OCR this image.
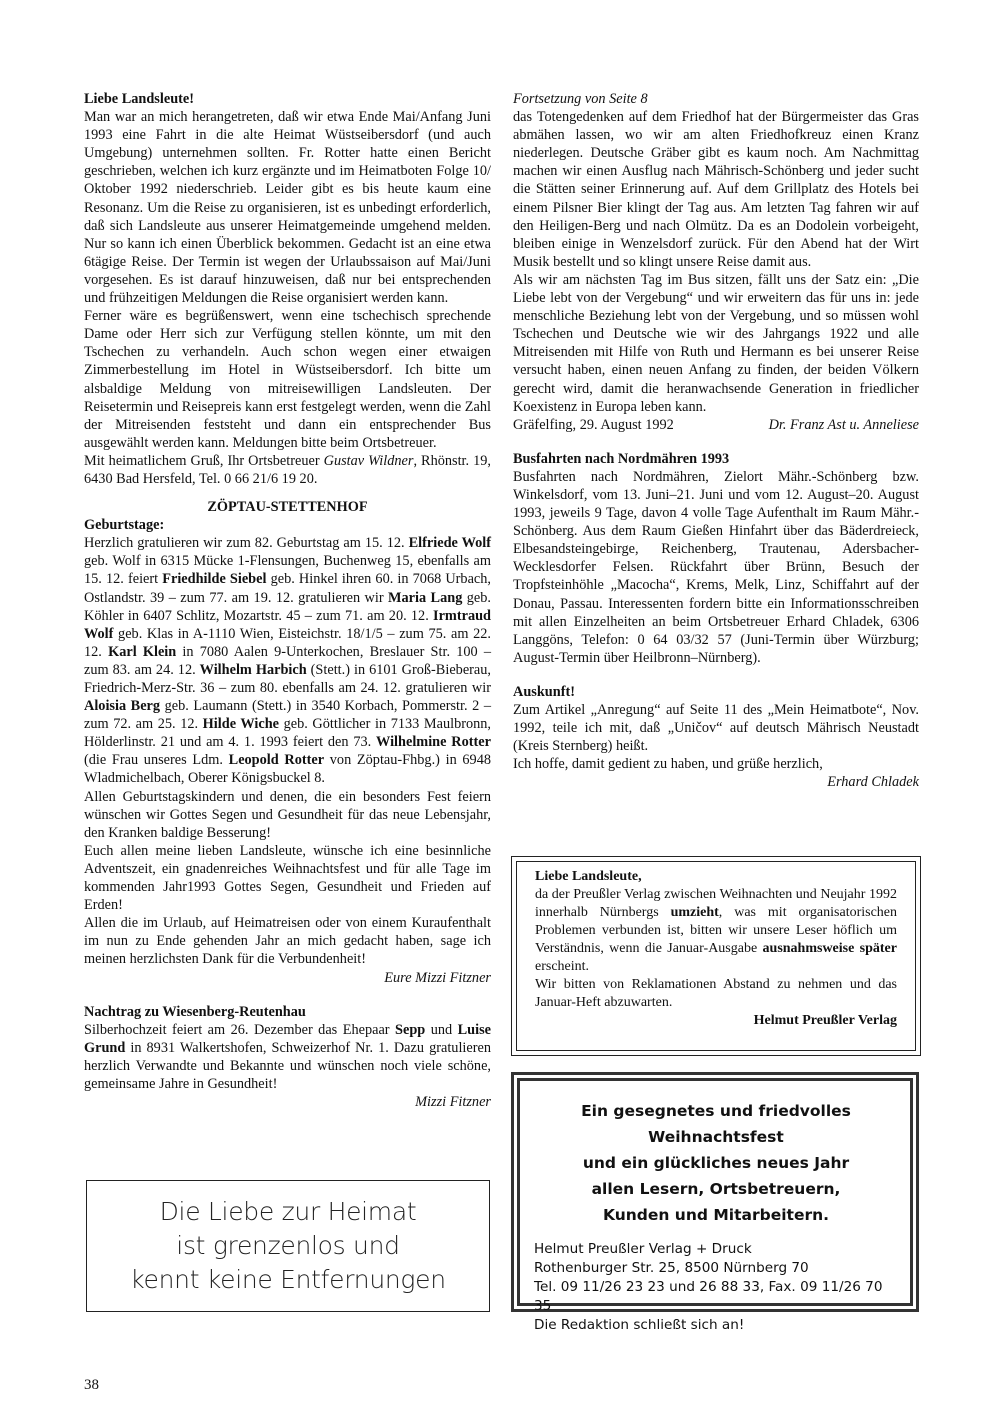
Liebe Landsleute!

Man war an mich herangetreten, daß wir etwa Ende Mai/Anfang Juni 1993 eine Fahrt in die alte Heimat Wüstseibersdorf (und auch Umgebung) unternehmen sollten. Fr. Rotter hatte einen Bericht geschrieben, welchen ich kurz ergänzte und im Heimatboten Folge 10/ Oktober 1992 niederschrieb. Leider gibt es bis heute kaum eine Resonanz. Um die Reise zu organisieren, ist es unbedingt erforderlich, daß sich Landsleute aus unserer Heimatgemeinde umgehend melden. Nur so kann ich einen Überblick bekommen. Gedacht ist an eine etwa 6tägige Reise. Der Termin ist wegen der Urlaubssaison auf Mai/Juni vorgesehen. Es ist darauf hinzuweisen, daß nur bei entsprechenden und frühzeitigen Meldungen die Reise organisiert werden kann.

Ferner wäre es begrüßenswert, wenn eine tschechisch sprechende Dame oder Herr sich zur Verfügung stellen könnte, um mit den Tschechen zu verhandeln. Auch schon wegen einer etwaigen Zimmerbestellung im Hotel in Wüstseibersdorf. Ich bitte um alsbaldige Meldung von mitreisewilligen Landsleuten. Der Reisetermin und Reisepreis kann erst festgelegt werden, wenn die Zahl der Mitreisenden feststeht und dann ein entsprechender Bus ausgewählt werden kann. Meldungen bitte beim Ortsbetreuer.

Mit heimatlichem Gruß, Ihr Ortsbetreuer Gustav Wildner, Rhönstr. 19, 6430 Bad Hersfeld, Tel. 0 66 21/6 19 20.

ZÖPTAU-STETTENHOF

Geburtstage:

Herzlich gratulieren wir zum 82. Geburtstag am 15. 12. Elfriede Wolf geb. Wolf in 6315 Mücke 1-Flensungen, Buchenweg 15, ebenfalls am 15. 12. feiert Friedhilde Siebel geb. Hinkel ihren 60. in 7068 Urbach, Ostlandstr. 39 – zum 77. am 19. 12. gratulieren wir Maria Lang geb. Köhler in 6407 Schlitz, Mozartstr. 45 – zum 71. am 20. 12. Irmtraud Wolf geb. Klas in A-1110 Wien, Eisteichstr. 18/1/5 – zum 75. am 22. 12. Karl Klein in 7080 Aalen 9-Unterkochen, Breslauer Str. 100 – zum 83. am 24. 12. Wilhelm Harbich (Stett.) in 6101 Groß-Bieberau, Friedrich-Merz-Str. 36 – zum 80. ebenfalls am 24. 12. gratulieren wir Aloisia Berg geb. Laumann (Stett.) in 3540 Korbach, Pommerstr. 2 – zum 72. am 25. 12. Hilde Wiche geb. Göttlicher in 7133 Maulbronn, Hölderlinstr. 21 und am 4. 1. 1993 feiert den 73. Wilhelmine Rotter (die Frau unseres Ldm. Leopold Rotter von Zöptau-Fhbg.) in 6948 Wladmichelbach, Oberer Königsbuckel 8.

Allen Geburtstagskindern und denen, die ein besonders Fest feiern wünschen wir Gottes Segen und Gesundheit für das neue Lebensjahr, den Kranken baldige Besserung!

Euch allen meine lieben Landsleute, wünsche ich eine besinnliche Adventszeit, ein gnadenreiches Weihnachtsfest und für alle Tage im kommenden Jahr1993 Gottes Segen, Gesundheit und Frieden auf Erden!

Allen die im Urlaub, auf Heimatreisen oder von einem Kuraufenthalt im nun zu Ende gehenden Jahr an mich gedacht haben, sage ich meinen herzlichsten Dank für die Verbundenheit!

Eure Mizzi Fitzner

Nachtrag zu Wiesenberg-Reutenhau

Silberhochzeit feiert am 26. Dezember das Ehepaar Sepp und Luise Grund in 8931 Walkertshofen, Schweizerhof Nr. 1. Dazu gratulieren herzlich Verwandte und Bekannte und wünschen noch viele schöne, gemeinsame Jahre in Gesundheit!

Mizzi Fitzner

Die Liebe zur Heimat
ist grenzenlos und
kennt keine Entfernungen

Fortsetzung von Seite 8

das Totengedenken auf dem Friedhof hat der Bürgermeister das Gras abmähen lassen, wo wir am alten Friedhofkreuz einen Kranz niederlegen. Deutsche Gräber gibt es kaum noch. Am Nachmittag machen wir einen Ausflug nach Mährisch-Schönberg und jeder sucht die Stätten seiner Erinnerung auf. Auf dem Grillplatz des Hotels bei einem Pilsner Bier klingt der Tag aus. Am letzten Tag fahren wir auf den Heiligen-Berg und nach Olmütz. Da es an Dodolein vorbeigeht, bleiben einige in Wenzelsdorf zurück. Für den Abend hat der Wirt Musik bestellt und so klingt unsere Reise damit aus.

Als wir am nächsten Tag im Bus sitzen, fällt uns der Satz ein: „Die Liebe lebt von der Vergebung“ und wir erweitern das für uns in: jede menschliche Beziehung lebt von der Vergebung, und so müssen wohl Tschechen und Deutsche wie wir des Jahrgangs 1922 und alle Mitreisenden mit Hilfe von Ruth und Hermann es bei unserer Reise versucht haben, einen neuen Anfang zu finden, der beiden Völkern gerecht wird, damit die heranwachsende Generation in friedlicher Koexistenz in Europa leben kann.

Gräfelfing, 29. August 1992	Dr. Franz Ast u. Anneliese

Busfahrten nach Nordmähren 1993

Busfahrten nach Nordmähren, Zielort Mähr.-Schönberg bzw. Winkelsdorf, vom 13. Juni–21. Juni und vom 12. August–20. August 1993, jeweils 9 Tage, davon 4 volle Tage Aufenthalt im Raum Mähr.-Schönberg. Aus dem Raum Gießen Hinfahrt über das Bäderdreieck, Elbesandsteingebirge, Reichenberg, Trautenau, Adersbacher-Wecklesdorfer Felsen. Rückfahrt über Brünn, Besuch der Tropfsteinhöhle „Macocha“, Krems, Melk, Linz, Schiffahrt auf der Donau, Passau. Interessenten fordern bitte ein Informationsschreiben mit allen Einzelheiten an beim Ortsbetreuer Erhard Chladek, 6306 Langgöns, Telefon: 0 64 03/32 57 (Juni-Termin über Würzburg; August-Termin über Heilbronn–Nürnberg).

Auskunft!

Zum Artikel „Anregung“ auf Seite 11 des „Mein Heimatbote“, Nov. 1992, teile ich mit, daß „Uničov“ auf deutsch Mährisch Neustadt (Kreis Sternberg) heißt.

Ich hoffe, damit gedient zu haben, und grüße herzlich,

Erhard Chladek

Liebe Landsleute,

da der Preußler Verlag zwischen Weihnachten und Neujahr 1992 innerhalb Nürnbergs umzieht, was mit organisatorischen Problemen verbunden ist, bitten wir unsere Leser höflich um Verständnis, wenn die Januar-Ausgabe ausnahmsweise später erscheint.

Wir bitten von Reklamationen Abstand zu nehmen und das Januar-Heft abzuwarten.

Helmut Preußler Verlag

Ein gesegnetes und friedvolles Weihnachtsfest
und ein glückliches neues Jahr
allen Lesern, Ortsbetreuern,
Kunden und Mitarbeitern.
Helmut Preußler Verlag + Druck
Rothenburger Str. 25, 8500 Nürnberg 70
Tel. 09 11/26 23 23 und 26 88 33, Fax. 09 11/26 70 35
Die Redaktion schließt sich an!
38
